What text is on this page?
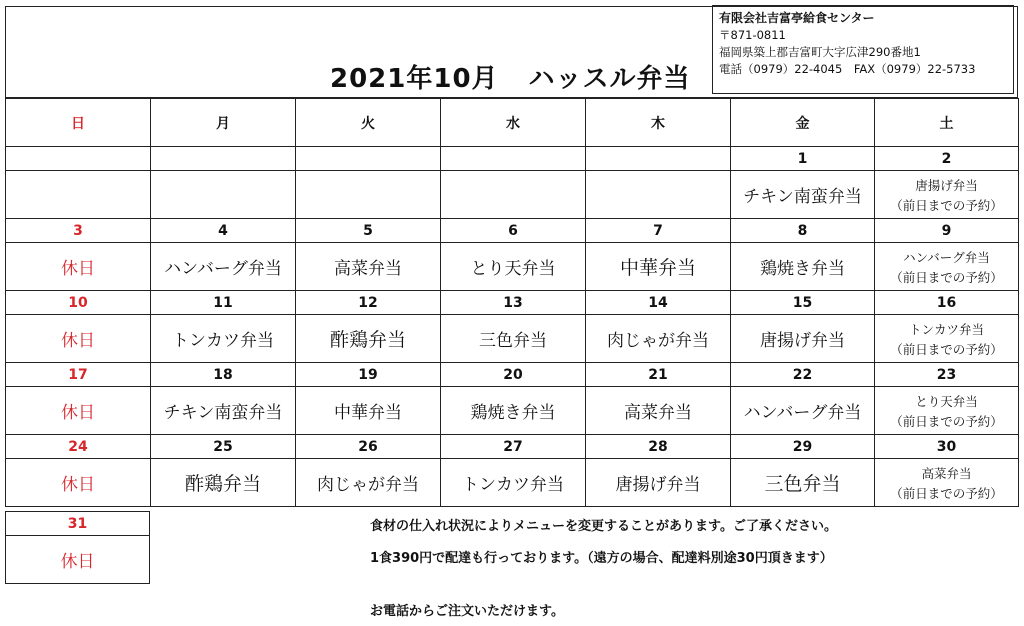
2021年10月 ハッスル弁当
有限会社吉富亭給食センター
〒871-0811
福岡県築上郡吉富町大字広津290番地1
電話（0979）22-4045　FAX（0979）22-5733
日	月	火	水	木	金	土
					1	2
					チキン南蛮弁当	唐揚げ弁当
（前日までの予約）

3	4	5	6	7	8	9
休日	ハンバーグ弁当	高菜弁当	とり天弁当	中華弁当	鶏焼き弁当	ハンバーグ弁当
（前日までの予約）

10	11	12	13	14	15	16
休日	トンカツ弁当	酢鶏弁当	三色弁当	肉じゃが弁当	唐揚げ弁当	トンカツ弁当
（前日までの予約）

17	18	19	20	21	22	23
休日	チキン南蛮弁当	中華弁当	鶏焼き弁当	高菜弁当	ハンバーグ弁当	とり天弁当
（前日までの予約）

24	25	26	27	28	29	30
休日	酢鶏弁当	肉じゃが弁当	トンカツ弁当	唐揚げ弁当	三色弁当	高菜弁当
（前日までの予約）
31
休日
食材の仕入れ状況によりメニューを変更することがあります。ご了承ください。
1食390円で配達も行っております。（遠方の場合、配達料別途30円頂きます）
お電話からご注文いただけます。
